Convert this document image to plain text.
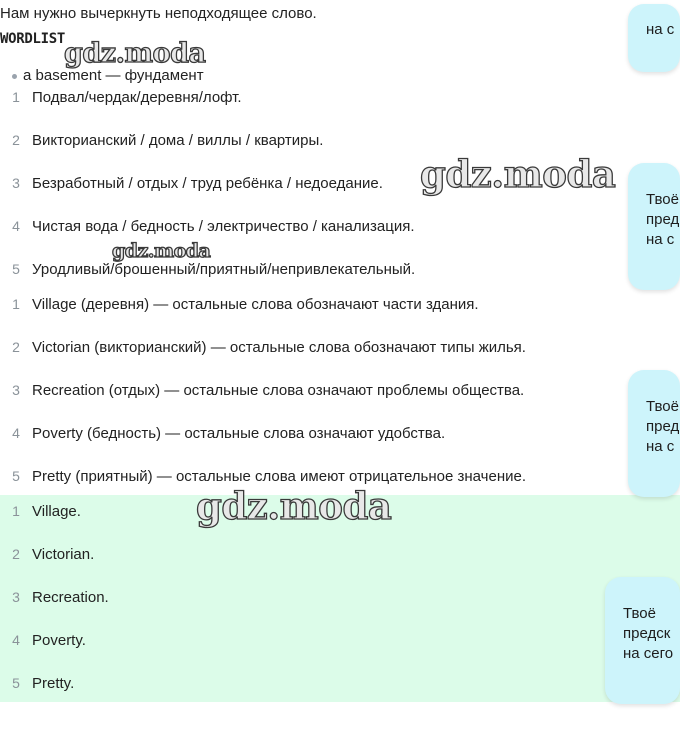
Нам нужно вычеркнуть неподходящее слово.
WORDLIST
a basement — фундамент
1 Подвал/чердак/деревня/лофт.
2 Викторианский / дома / виллы / квартиры.
3 Безработный / отдых / труд ребёнка / недоедание.
4 Чистая вода / бедность / электричество / канализация.
5 Уродливый/брошенный/приятный/непривлекательный.
1 Village (деревня) — остальные слова обозначают части здания.
2 Victorian (викторианский) — остальные слова обозначают типы жилья.
3 Recreation (отдых) — остальные слова означают проблемы общества.
4 Poverty (бедность) — остальные слова означают удобства.
5 Pretty (приятный) — остальные слова имеют отрицательное значение.
1 Village.
2 Victorian.
3 Recreation.
4 Poverty.
5 Pretty.
на с
Твоё
пред
на с
Твоё
пред
на с
Твоё
предск
на сего
gdz.moda
gdz.moda
gdz.moda
gdz.moda
